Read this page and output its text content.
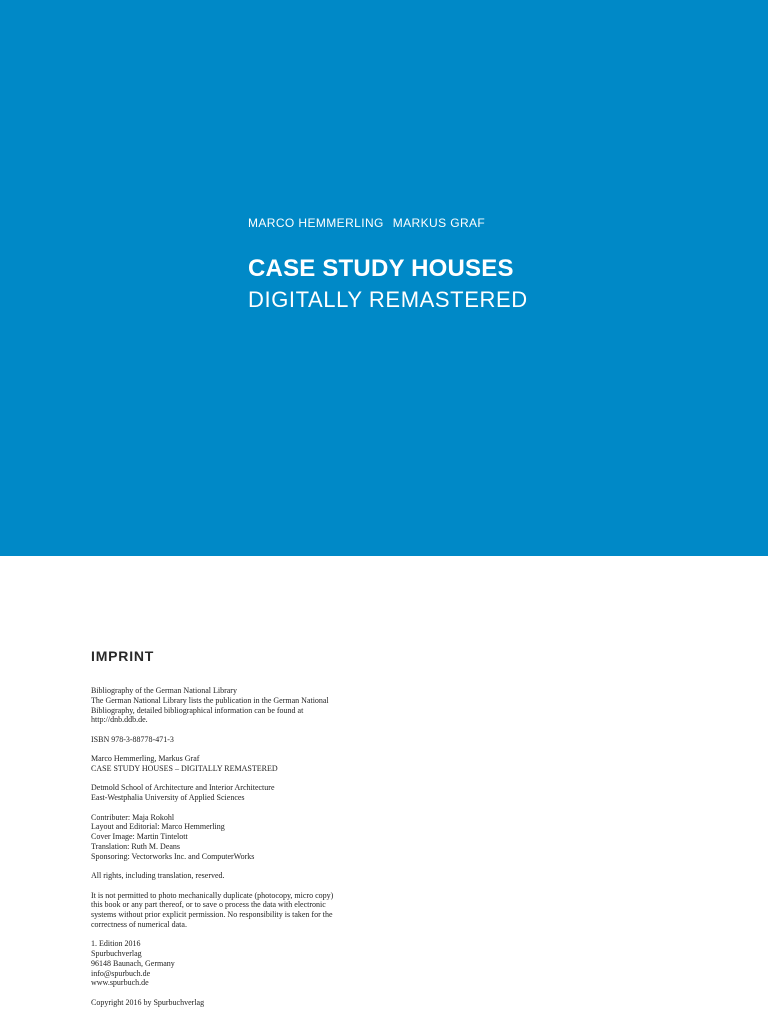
MARCO HEMMERLING MARKUS GRAF
CASE STUDY HOUSES
DIGITALLY REMASTERED
IMPRINT
Bibliography of the German National Library
The German National Library lists the publication in the German National
Bibliography, detailed bibliographical information can be found at
http://dnb.ddb.de.
ISBN 978-3-88778-471-3
Marco Hemmerling, Markus Graf
CASE STUDY HOUSES – DIGITALLY REMASTERED
Detmold School of Architecture and Interior Architecture
East-Westphalia University of Applied Sciences
Contributer: Maja Rokohl
Layout and Editorial: Marco Hemmerling
Cover Image: Martin Tintelott
Translation: Ruth M. Deans
Sponsoring: Vectorworks Inc. and ComputerWorks
All rights, including translation, reserved.
It is not permitted to photo mechanically duplicate (photocopy, micro copy)
this book or any part thereof, or to save o process the data with electronic
systems without prior explicit permission. No responsibility is taken for the
correctness of numerical data.
1. Edition 2016
Spurbuchverlag
96148 Baunach, Germany
info@spurbuch.de
www.spurbuch.de
Copyright 2016 by Spurbuchverlag
